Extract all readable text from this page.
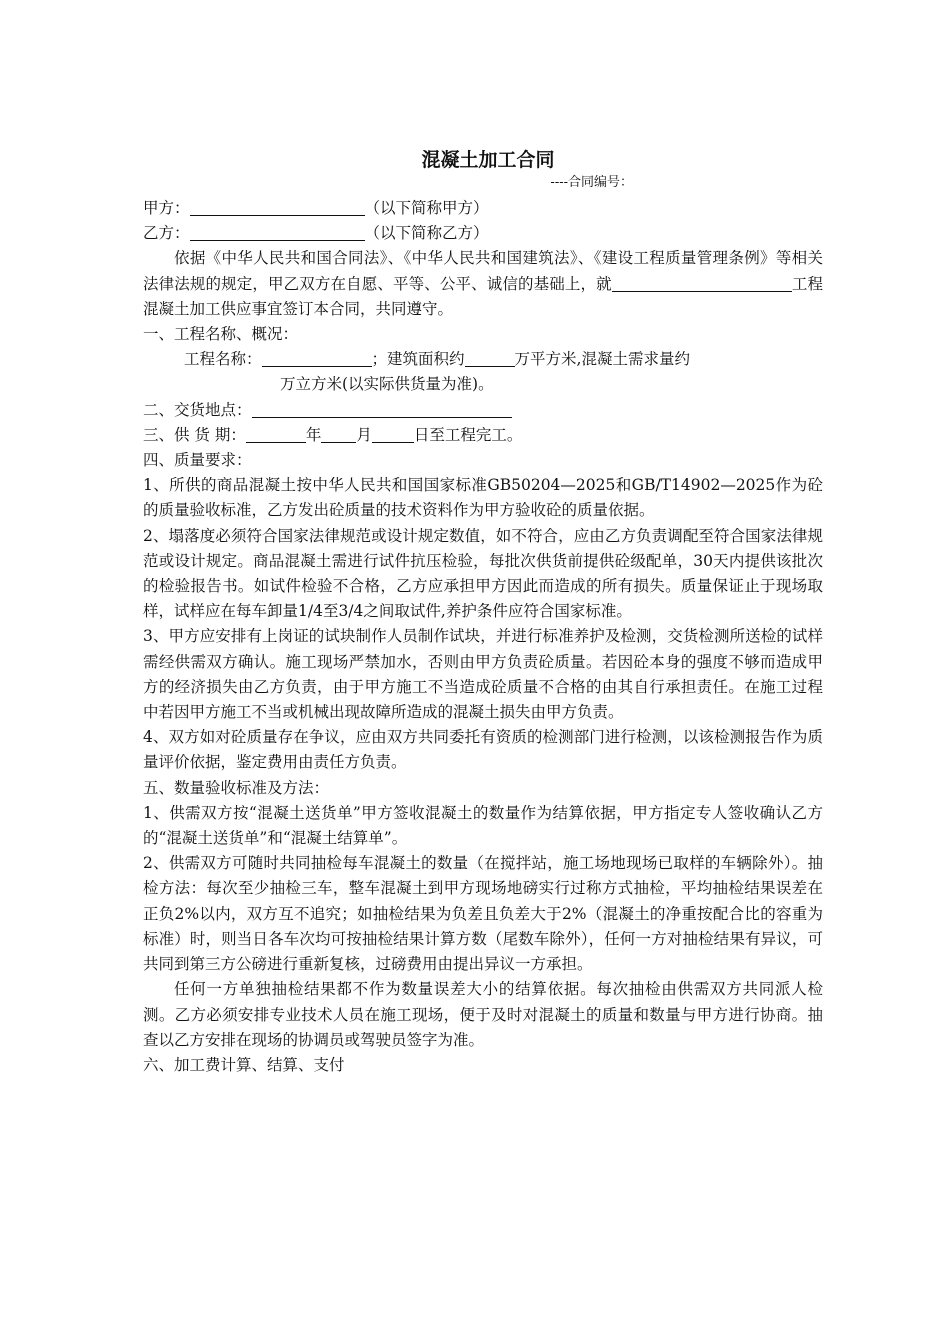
混凝土加工合同
----合同编号：

甲方：	（以下简称甲方）

乙方：	（以下简称乙方）

依据《中华人民共和国合同法》、《中华人民共和国建筑法》、《建设工程质量管理条例》等相关法律法规的规定，甲乙双方在自愿、平等、公平、诚信的基础上，就	工程混凝土加工供应事宜签订本合同，共同遵守。

一、工程名称、概况：

工程名称：	；建筑面积约	万平方米,混凝土需求量约

万立方米(以实际供货量为准)。

二、交货地点：

三、供 货 期：	年 月	日至工程完工。

四、质量要求：

1、所供的商品混凝土按中华人民共和国国家标准GB50204—2025和GB/T14902—2025作为砼的质量验收标准，乙方发出砼质量的技术资料作为甲方验收砼的质量依据。

2、塌落度必须符合国家法律规范或设计规定数值，如不符合，应由乙方负责调配至符合国家法律规范或设计规定。商品混凝土需进行试件抗压检验，每批次供货前提供砼级配单，30天内提供该批次的检验报告书。如试件检验不合格，乙方应承担甲方因此而造成的所有损失。质量保证止于现场取样，试样应在每车卸量1/4至3/4之间取试件,养护条件应符合国家标准。

3、甲方应安排有上岗证的试块制作人员制作试块，并进行标准养护及检测，交货检测所送检的试样需经供需双方确认。施工现场严禁加水，否则由甲方负责砼质量。若因砼本身的强度不够而造成甲方的经济损失由乙方负责，由于甲方施工不当造成砼质量不合格的由其自行承担责任。在施工过程中若因甲方施工不当或机械出现故障所造成的混凝土损失由甲方负责。

4、双方如对砼质量存在争议，应由双方共同委托有资质的检测部门进行检测，以该检测报告作为质量评价依据，鉴定费用由责任方负责。

五、数量验收标准及方法：

1、供需双方按“混凝土送货单”甲方签收混凝土的数量作为结算依据，甲方指定专人签收确认乙方的“混凝土送货单”和“混凝土结算单”。

2、供需双方可随时共同抽检每车混凝土的数量（在搅拌站，施工场地现场已取样的车辆除外）。抽检方法：每次至少抽检三车，整车混凝土到甲方现场地磅实行过称方式抽检，平均抽检结果误差在正负2%以内，双方互不追究；如抽检结果为负差且负差大于2%（混凝土的净重按配合比的容重为标准）时，则当日各车次均可按抽检结果计算方数（尾数车除外），任何一方对抽检结果有异议，可共同到第三方公磅进行重新复核，过磅费用由提出异议一方承担。

任何一方单独抽检结果都不作为数量误差大小的结算依据。每次抽检由供需双方共同派人检测。乙方必须安排专业技术人员在施工现场，便于及时对混凝土的质量和数量与甲方进行协商。抽查以乙方安排在现场的协调员或驾驶员签字为准。

六、加工费计算、结算、支付
